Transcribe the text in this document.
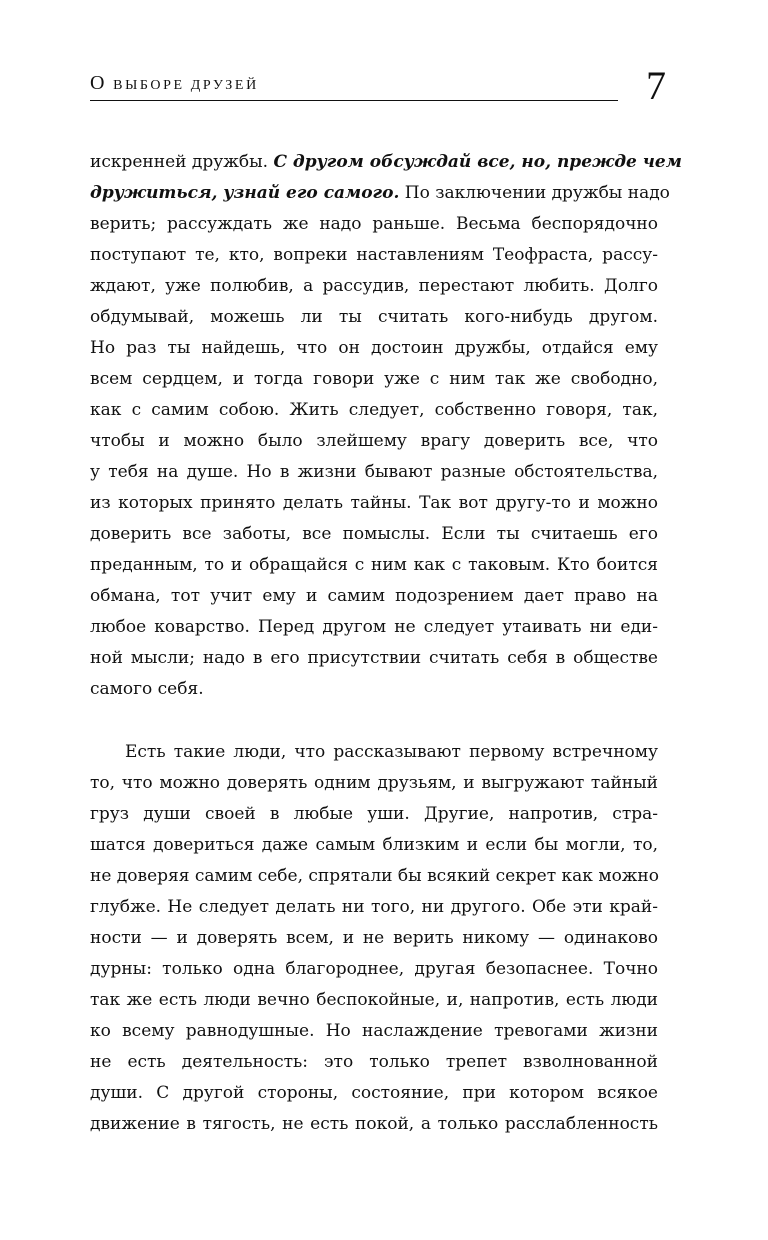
О ВЫБОРЕ ДРУЗЕЙ	7
искренней дружбы. С другом обсуждай все, но, прежде чем
дружиться, узнай его самого. По заключении дружбы надо
верить; рассуждать же надо раньше. Весьма беспорядочно
поступают те, кто, вопреки наставлениям Теофраста, рассу-
ждают, уже полюбив, а рассудив, перестают любить. Долго
обдумывай, можешь ли ты считать кого-нибудь другом.
Но раз ты найдешь, что он достоин дружбы, отдайся ему
всем сердцем, и тогда говори уже с ним так же свободно,
как с самим собою. Жить следует, собственно говоря, так,
чтобы и можно было злейшему врагу доверить все, что
у тебя на душе. Но в жизни бывают разные обстоятельства,
из которых принято делать тайны. Так вот другу-то и можно
доверить все заботы, все помыслы. Если ты считаешь его
преданным, то и обращайся с ним как с таковым. Кто боится
обмана, тот учит ему и самим подозрением дает право на
любое коварство. Перед другом не следует утаивать ни еди-
ной мысли; надо в его присутствии считать себя в обществе
самого себя.
Есть такие люди, что рассказывают первому встречному
то, что можно доверять одним друзьям, и выгружают тайный
груз души своей в любые уши. Другие, напротив, стра-
шатся довериться даже самым близким и если бы могли, то,
не доверяя самим себе, спрятали бы всякий секрет как можно
глубже. Не следует делать ни того, ни другого. Обе эти край-
ности — и доверять всем, и не верить никому — одинаково
дурны: только одна благороднее, другая безопаснее. Точно
так же есть люди вечно беспокойные, и, напротив, есть люди
ко всему равнодушные. Но наслаждение тревогами жизни
не есть деятельность: это только трепет взволнованной
души. С другой стороны, состояние, при котором всякое
движение в тягость, не есть покой, а только расслабленность
